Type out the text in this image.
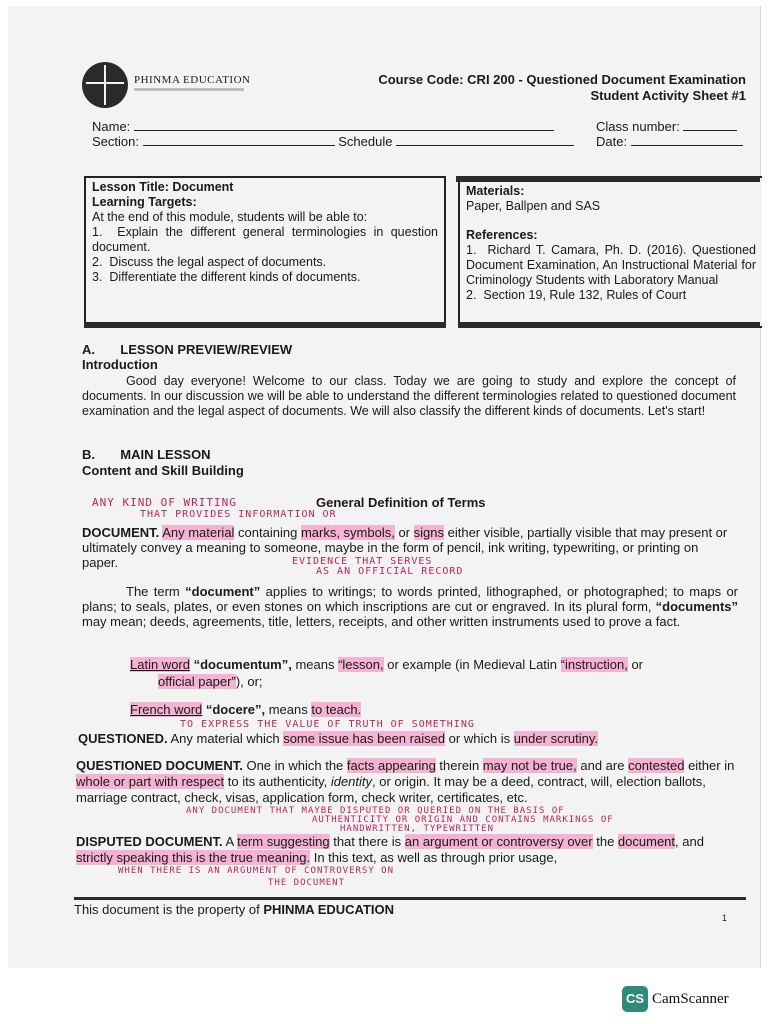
PHINMA EDUCATION	Course Code: CRI 200 - Questioned Document Examination
Student Activity Sheet #1
Name:
Section:	Schedule
Class number:
Date:
Lesson Title: Document
Learning Targets:
At the end of this module, students will be able to:
1.  Explain the different general terminologies in question document.
2.  Discuss the legal aspect of documents.
3.  Differentiate the different kinds of documents.
Materials:
Paper, Ballpen and SAS
References:
1.  Richard T. Camara, Ph. D. (2016). Questioned Document Examination, An Instructional Material for Criminology Students with Laboratory Manual
2.  Section 19, Rule 132, Rules of Court
A.       LESSON PREVIEW/REVIEW
Introduction
Good day everyone! Welcome to our class. Today we are going to study and explore the concept of documents. In our discussion we will be able to understand the different terminologies related to questioned document examination and the legal aspect of documents. We will also classify the different kinds of documents. Let's start!
B.       MAIN LESSON
Content and Skill Building
ANY KIND OF WRITING
THAT PROVIDES INFORMATION OR
General Definition of Terms
DOCUMENT. Any material containing marks, symbols, or signs either visible, partially visible that may present or ultimately convey a meaning to someone, maybe in the form of pencil, ink writing, typewriting, or printing on paper.	EVIDENCE THAT SERVES
AS AN OFFICIAL RECORD
The term “document” applies to writings; to words printed, lithographed, or photographed; to maps or plans; to seals, plates, or even stones on which inscriptions are cut or engraved. In its plural form, “documents” may mean; deeds, agreements, title, letters, receipts, and other written instruments used to prove a fact.
Latin word “documentum”, means “lesson, or example (in Medieval Latin “instruction, or
official paper”), or;
French word “docere”, means to teach.
TO EXPRESS THE VALUE OF TRUTH OF SOMETHING
QUESTIONED. Any material which some issue has been raised or which is under scrutiny.
QUESTIONED DOCUMENT. One in which the facts appearing therein may not be true, and are contested either in whole or part with respect to its authenticity, identity, or origin. It may be a deed, contract, will, election ballots, marriage contract, check, visas, application form, check writer, certificates, etc.
ANY DOCUMENT THAT MAYBE DISPUTED OR QUERIED ON THE BASIS OF
AUTHENTICITY OR ORIGIN AND CONTAINS MARKINGS OF
HANDWRITTEN, TYPEWRITTEN
DISPUTED DOCUMENT. A term suggesting that there is an argument or controversy over the document, and strictly speaking this is the true meaning. In this text, as well as through prior usage,
WHEN THERE IS AN ARGUMENT OF CONTROVERSY ON
THE DOCUMENT
This document is the property of PHINMA EDUCATION
1
CS CamScanner
